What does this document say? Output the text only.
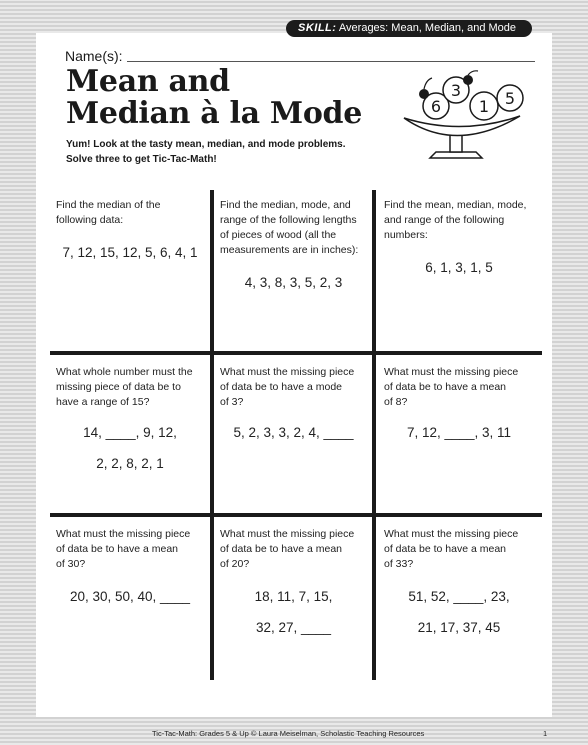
SKILL: Averages: Mean, Median, and Mode
Name(s):
Mean and
Median à la Mode
Yum! Look at the tasty mean, median, and mode problems.
Solve three to get Tic-Tac-Math!
3
6 1 5
Find the median of the
following data:
7, 12, 15, 12, 5, 6, 4, 1
Find the median, mode, and
range of the following lengths
of pieces of wood (all the
measurements are in inches):
4, 3, 8, 3, 5, 2, 3
Find the mean, median, mode,
and range of the following
numbers:
6, 1, 3, 1, 5
What whole number must the
missing piece of data be to
have a range of 15?
14, ____, 9, 12,
2, 2, 8, 2, 1
What must the missing piece
of data be to have a mode
of 3?
5, 2, 3, 3, 2, 4, ____
What must the missing piece
of data be to have a mean
of 8?
7, 12, ____, 3, 11
What must the missing piece
of data be to have a mean
of 30?
20, 30, 50, 40, ____
What must the missing piece
of data be to have a mean
of 20?
18, 11, 7, 15,
32, 27, ____
What must the missing piece
of data be to have a mean
of 33?
51, 52, ____, 23,
21, 17, 37, 45
Tic-Tac-Math: Grades 5 & Up © Laura Meiselman, Scholastic Teaching Resources	1
